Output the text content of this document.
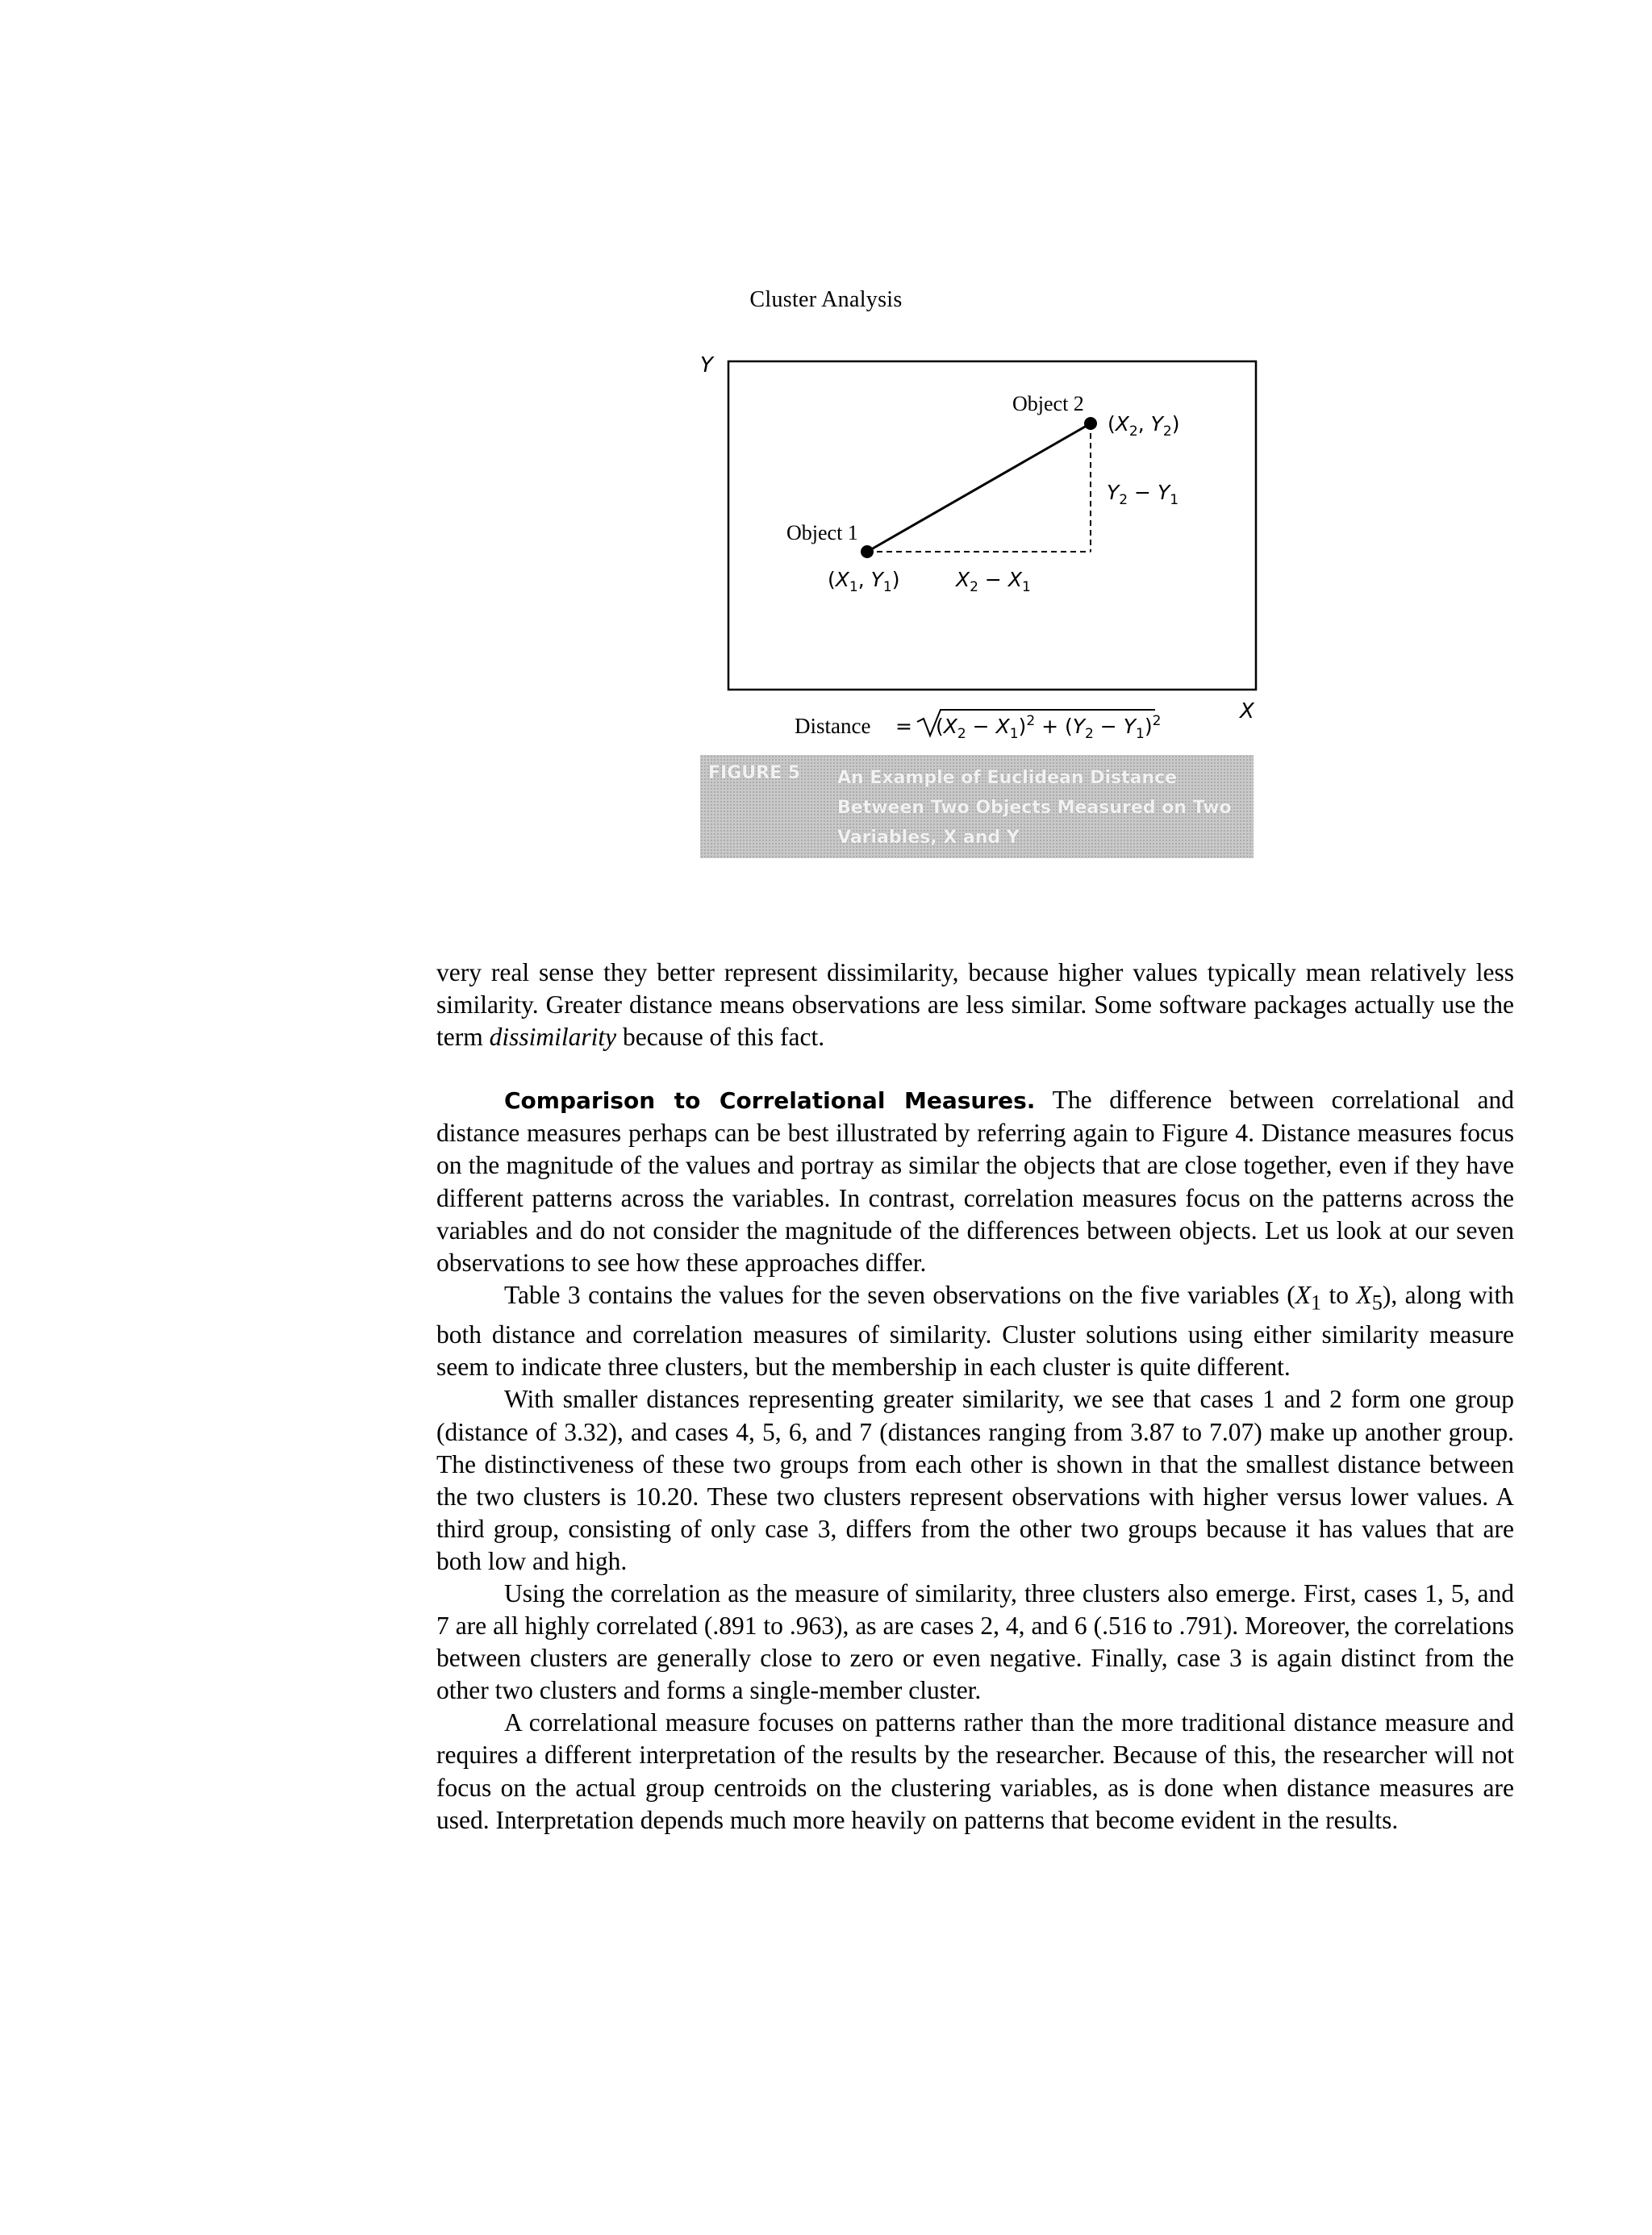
Cluster Analysis
Y
X
Object 2
($X_2$, $Y_2$)
$Y_2 - Y_1$
Object 1
($X_1$, $Y_1$)	$X_2 - X_1$
Distance = $(X_2 - X_1)^2 + (Y_2 - Y_1)^2$
FIGURE 5 An Example of Euclidean Distance Between Two Objects Measured on Two Variables, X and Y

very real sense they better represent dissimilarity, because higher values typically mean relatively less similarity. Greater distance means observations are less similar. Some software packages actually use the term dissimilarity because of this fact.

Comparison to Correlational Measures. The difference between correlational and distance measures perhaps can be best illustrated by referring again to Figure 4. Distance measures focus on the magnitude of the values and portray as similar the objects that are close together, even if they have different patterns across the variables. In contrast, correlation measures focus on the patterns across the variables and do not consider the magnitude of the differences between objects. Let us look at our seven observations to see how these approaches differ.

Table 3 contains the values for the seven observations on the five variables ($X_1$ to $X_5$), along with both distance and correlation measures of similarity. Cluster solutions using either similarity measure seem to indicate three clusters, but the membership in each cluster is quite different.

With smaller distances representing greater similarity, we see that cases 1 and 2 form one group (distance of 3.32), and cases 4, 5, 6, and 7 (distances ranging from 3.87 to 7.07) make up another group. The distinctiveness of these two groups from each other is shown in that the smallest distance between the two clusters is 10.20. These two clusters represent observations with higher versus lower values. A third group, consisting of only case 3, differs from the other two groups because it has values that are both low and high.

Using the correlation as the measure of similarity, three clusters also emerge. First, cases 1, 5, and 7 are all highly correlated (.891 to .963), as are cases 2, 4, and 6 (.516 to .791). Moreover, the correlations between clusters are generally close to zero or even negative. Finally, case 3 is again distinct from the other two clusters and forms a single-member cluster.

A correlational measure focuses on patterns rather than the more traditional distance measure and requires a different interpretation of the results by the researcher. Because of this, the researcher will not focus on the actual group centroids on the clustering variables, as is done when distance measures are used. Interpretation depends much more heavily on patterns that become evident in the results.
